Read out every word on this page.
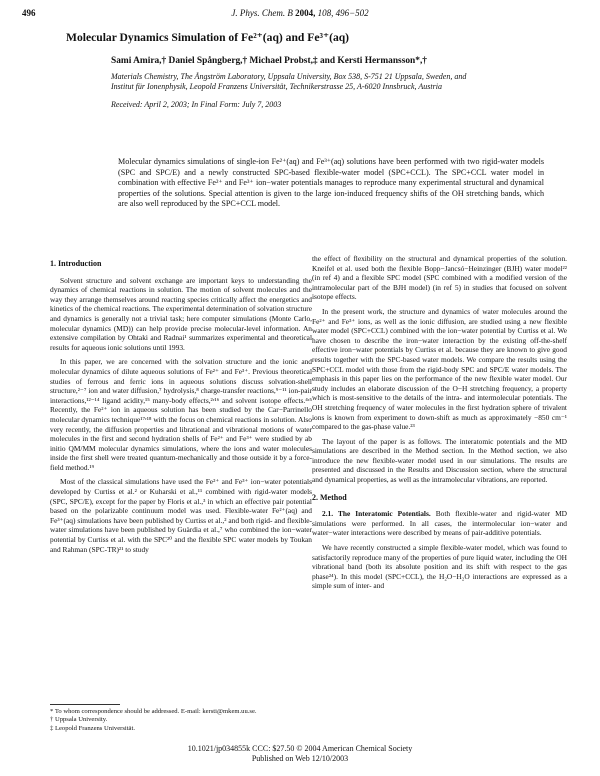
496	J. Phys. Chem. B 2004, 108, 496−502
Molecular Dynamics Simulation of Fe²⁺(aq) and Fe³⁺(aq)
Sami Amira,† Daniel Spångberg,† Michael Probst,‡ and Kersti Hermansson*,†
Materials Chemistry, The Ångström Laboratory, Uppsala University, Box 538, S-751 21 Uppsala, Sweden, and
Institut für Ionenphysik, Leopold Franzens Universität, Technikerstrasse 25, A-6020 Innsbruck, Austria
Received: April 2, 2003; In Final Form: July 7, 2003
Molecular dynamics simulations of single-ion Fe²⁺(aq) and Fe³⁺(aq) solutions have been performed with two rigid-water models (SPC and SPC/E) and a newly constructed SPC-based flexible-water model (SPC+CCL). The SPC+CCL water model in combination with effective Fe²⁺ and Fe³⁺ ion−water potentials manages to reproduce many experimental structural and dynamical properties of the solutions. Special attention is given to the large ion-induced frequency shifts of the OH stretching bands, which are also well reproduced by the SPC+CCL model.
1. Introduction

Solvent structure and solvent exchange are important keys to understanding the dynamics of chemical reactions in solution. The motion of solvent molecules and the way they arrange themselves around reacting species critically affect the energetics and kinetics of the chemical reactions. The experimental determination of solvation structure and dynamics is generally not a trivial task; here computer simulations (Monte Carlo, molecular dynamics (MD)) can help provide precise molecular-level information. An extensive compilation by Ohtaki and Radnai¹ summarizes experimental and theoretical results for aqueous ionic solutions until 1993.

In this paper, we are concerned with the solvation structure and the ionic and molecular dynamics of dilute aqueous solutions of Fe²⁺ and Fe³⁺. Previous theoretical studies of ferrous and ferric ions in aqueous solutions discuss solvation-shell structure,²⁻⁷ ion and water diffusion,⁷ hydrolysis,⁸ charge-transfer reactions,⁹⁻¹¹ ion-pair interactions,¹²⁻¹⁴ ligand acidity,¹⁵ many-body effects,²ʳ¹⁶ and solvent isotope effects.⁴ʳ⁵ Recently, the Fe²⁺ ion in aqueous solution has been studied by the Car−Parrinello molecular dynamics technique¹⁷ʳ¹⁸ with the focus on chemical reactions in solution. Also very recently, the diffusion properties and librational and vibrational motions of water molecules in the first and second hydration shells of Fe²⁺ and Fe³⁺ were studied by ab initio QM/MM molecular dynamics simulations, where the ions and water molecules inside the first shell were treated quantum-mechanically and those outside it by a force-field method.¹⁹

Most of the classical simulations have used the Fe²⁺ and Fe³⁺ ion−water potentials developed by Curtiss et al.² or Kuharski et al.,¹¹ combined with rigid-water models (SPC, SPC/E), except for the paper by Floris et al.,³ in which an effective pair potential based on the polarizable continuum model was used. Flexible-water Fe²⁺(aq) and Fe³⁺(aq) simulations have been published by Curtiss et al.,² and both rigid- and flexible-water simulations have been published by Guàrdia et al.,⁷ who combined the ion−water potential by Curtiss et al. with the SPC²⁰ and the flexible SPC water models by Toukan and Rahman (SPC-TR)²¹ to study

the effect of flexibility on the structural and dynamical properties of the solution. Kneifel et al. used both the flexible Bopp−Jancsó−Heinzinger (BJH) water model²² (in ref 4) and a flexible SPC model (SPC combined with a modified version of the intramolecular part of the BJH model) (in ref 5) in studies that focused on solvent isotope effects.

In the present work, the structure and dynamics of water molecules around the Fe²⁺ and Fe³⁺ ions, as well as the ionic diffusion, are studied using a new flexible water model (SPC+CCL) combined with the ion−water potential by Curtiss et al. We have chosen to describe the iron−water interaction by the existing off-the-shelf effective iron−water potentials by Curtiss et al. because they are known to give good results together with the SPC-based water models. We compare the results using the SPC+CCL model with those from the rigid-body SPC and SPC/E water models. The emphasis in this paper lies on the performance of the new flexible water model. Our study includes an elaborate discussion of the O−H stretching frequency, a property which is most-sensitive to the details of the intra- and intermolecular potentials. The OH stretching frequency of water molecules in the first hydration sphere of trivalent ions is known from experiment to down-shift as much as approximately −850 cm⁻¹ compared to the gas-phase value.²³

The layout of the paper is as follows. The interatomic potentials and the MD simulations are described in the Method section. In the Method section, we also introduce the new flexible-water model used in our simulations. The results are presented and discussed in the Results and Discussion section, where the structural and dynamical properties, as well as the intramolecular vibrations, are reported.

2. Method

2.1. The Interatomic Potentials. Both flexible-water and rigid-water MD simulations were performed. In all cases, the intermolecular ion−water and water−water interactions were described by means of pair-additive potentials.

We have recently constructed a simple flexible-water model, which was found to satisfactorily reproduce many of the properties of pure liquid water, including the OH vibrational band (both its absolute position and its shift with respect to the gas phase²⁴). In this model (SPC+CCL), the H₂O−H₂O interactions are expressed as a simple sum of inter- and

* To whom correspondence should be addressed. E-mail: kersti@mkem.uu.se.

† Uppsala University.

‡ Leopold Franzens Universität.

10.1021/jp034855k CCC: $27.50 © 2004 American Chemical Society
Published on Web 12/10/2003
